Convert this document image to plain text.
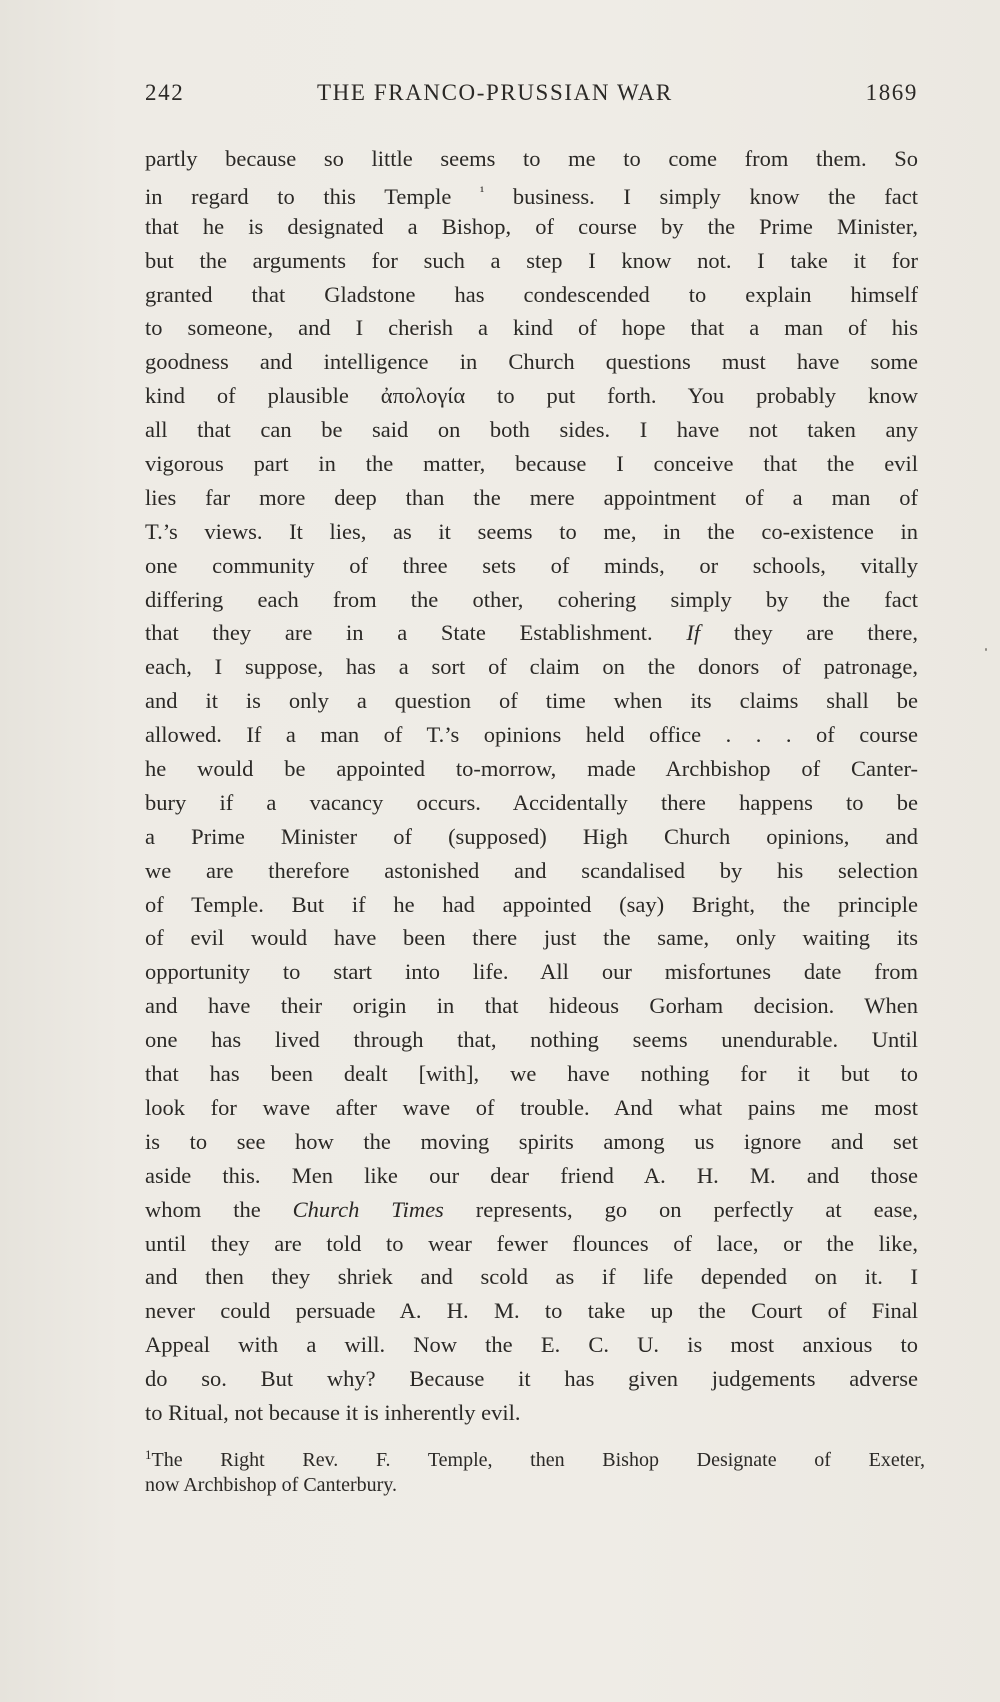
242	THE FRANCO-PRUSSIAN WAR	1869
partly because so little seems to me to come from them. So
in regard to this Temple $^{^1}$ business. I simply know the fact
that he is designated a Bishop, of course by the Prime Minister,
but the arguments for such a step I know not. I take it for
granted that Gladstone has condescended to explain himself
to someone, and I cherish a kind of hope that a man of his
goodness and intelligence in Church questions must have some
kind of plausible ἀπολογία to put forth. You probably know
all that can be said on both sides. I have not taken any
vigorous part in the matter, because I conceive that the evil
lies far more deep than the mere appointment of a man of
T.’s views. It lies, as it seems to me, in the co-existence in
one community of three sets of minds, or schools, vitally
differing each from the other, cohering simply by the fact
that they are in a State Establishment. If they are there,
each, I suppose, has a sort of claim on the donors of patronage,
and it is only a question of time when its claims shall be
allowed. If a man of T.’s opinions held office . . . of course
he would be appointed to-morrow, made Archbishop of Canter-
bury if a vacancy occurs. Accidentally there happens to be
a Prime Minister of (supposed) High Church opinions, and
we are therefore astonished and scandalised by his selection
of Temple. But if he had appointed (say) Bright, the principle
of evil would have been there just the same, only waiting its
opportunity to start into life. All our misfortunes date from
and have their origin in that hideous Gorham decision. When
one has lived through that, nothing seems unendurable. Until
that has been dealt [with], we have nothing for it but to
look for wave after wave of trouble. And what pains me most
is to see how the moving spirits among us ignore and set
aside this. Men like our dear friend A. H. M. and those
whom the Church Times represents, go on perfectly at ease,
until they are told to wear fewer flounces of lace, or the like,
and then they shriek and scold as if life depended on it. I
never could persuade A. H. M. to take up the Court of Final
Appeal with a will. Now the E. C. U. is most anxious to
do so. But why? Because it has given judgements adverse
to Ritual, not because it is inherently evil.
$^1$The Right Rev. F. Temple, then Bishop Designate of Exeter,
now Archbishop of Canterbury.
